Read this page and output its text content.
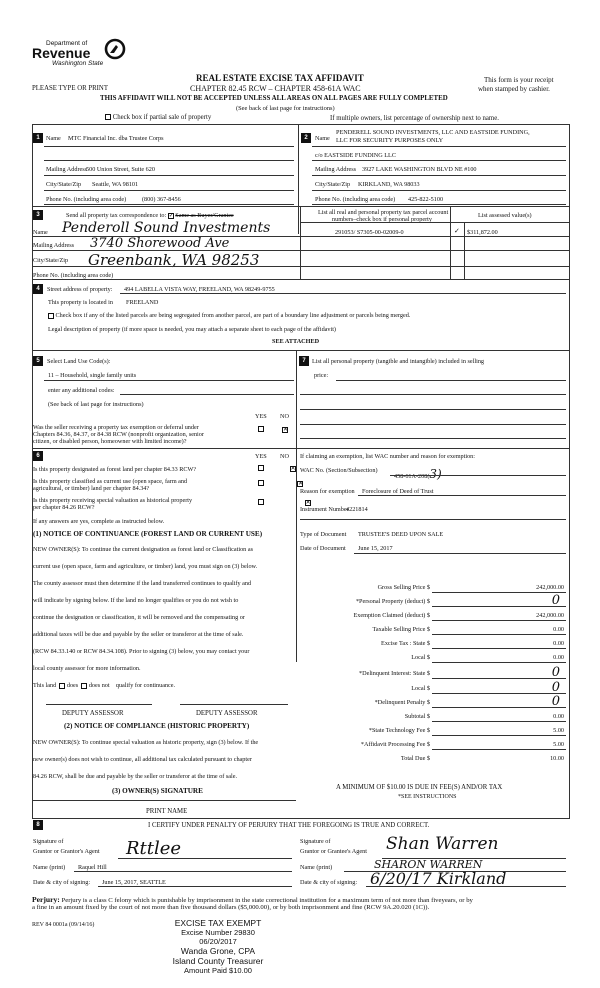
Department of
Revenue
Washington State
PLEASE TYPE OR PRINT
REAL ESTATE EXCISE TAX AFFIDAVIT
CHAPTER 82.45 RCW – CHAPTER 458-61A WAC
This form is your receipt
when stamped by cashier.
THIS AFFIDAVIT WILL NOT BE ACCEPTED UNLESS ALL AREAS ON ALL PAGES ARE FULLY COMPLETED
(See back of last page for instructions)
Check box if partial sale of property	If multiple owners, list percentage of ownership next to name.
1	Name MTC Financial Inc. dba Trustee Corps
Mailing Address
500 Union Street, Suite 620
City/State/Zip Seattle, WA 98101
Phone No. (including area code)	(800) 367-8456
2	Name
PENDERELL SOUND INVESTMENTS, LLC AND EASTSIDE FUNDING,
LLC FOR SECURITY PURPOSES ONLY
c/o EASTSIDE FUNDING LLC
Mailing Address 3927 LAKE WASHINGTON BLVD NE #100
City/State/Zip KIRKLAND, WA 98033
Phone No. (including area code) 425-822-5100
3	Send all property tax correspondence to: ✓ Same as Buyer/Grantee
Name Penderoll Sound Investments
Mailing Address 3740 Shorewood Ave
City/State/Zip Greenbank, WA 98253
Phone No. (including area code)
List all real and personal property tax parcel account
numbers–check box if personal property
List assessed value(s)
291053/ S7305-00-02009-0	✓ $311,872.00
4	Street address of property: 494 LABELLA VISTA WAY, FREELAND, WA 98249-9755
This property is located in FREELAND
Check box if any of the listed parcels are being segregated from another parcel, are part of a boundary line adjustment or parcels being merged.
Legal description of property (if more space is needed, you may attach a separate sheet to each page of the affidavit)
SEE ATTACHED
5	Select Land Use Code(s):
11 – Household, single family units
enter any additional codes:
(See back of last page for instructions)
YES NO
Was the seller receiving a property tax exemption or deferral under
Chapters 84.36, 84.37, or 84.38 RCW (nonprofit organization, senior
citizen, or disabled person, homeowner with limited income)?
✕
6	YES NO
Is this property designated as forest land per chapter 84.33 RCW?	✕
Is this property classified as current use (open space, farm and
agricultural, or timber) land per chapter 84.34?
✕
Is this property receiving special valuation as historical property
per chapter 84.26 RCW?
✕
If any answers are yes, complete as instructed below.
(1) NOTICE OF CONTINUANCE (FOREST LAND OR CURRENT USE)
NEW OWNER(S): To continue the current designation as forest land or Classification as
current use (open space, farm and agriculture, or timber) land, you must sign on (3) below.
The county assessor must then determine if the land transferred continues to qualify and
will indicate by signing below. If the land no longer qualifies or you do not wish to
continue the designation or classification, it will be removed and the compensating or
additional taxes will be due and payable by the seller or transferor at the time of sale.
(RCW 84.33.140 or RCW 84.34.108). Prior to signing (3) below, you may contact your
local county assessor for more information.
This land does does not qualify for continuance.
DEPUTY ASSESSOR	DEPUTY ASSESSOR
(2) NOTICE OF COMPLIANCE (HISTORIC PROPERTY)
NEW OWNER(S): To continue special valuation as historic property, sign (3) below. If the
new owner(s) does not wish to continue, all additional tax calculated pursuant to chapter
84.26 RCW, shall be due and payable by the seller or transferor at the time of sale.
(3) OWNER(S) SIGNATURE
PRINT NAME
7	List all personal property (tangible and intangible) included in selling
price:
If claiming an exemption, list WAC number and reason for exemption:
WAC No. (Section/Subsection)
458-61A-208(3)
Reason for exemption Foreclosure of Deed of Trust
Instrument Number
4221814
Type of Document TRUSTEE'S DEED UPON SALE
Date of Document June 15, 2017
Gross Selling Price $	242,000.00
*Personal Property (deduct) $	0
Exemption Claimed (deduct) $	242,000.00
Taxable Selling Price $	0.00
Excise Tax : State $	0.00
Local $	0.00
*Delinquent Interest: State $	0
Local $	0
*Delinquent Penalty $	0
Subtotal $	0.00
*State Technology Fee $	5.00
*Affidavit Processing Fee $	5.00
Total Due $	10.00
A MINIMUM OF $10.00 IS DUE IN FEE(S) AND/OR TAX
*SEE INSTRUCTIONS
8	I CERTIFY UNDER PENALTY OF PERJURY THAT THE FOREGOING IS TRUE AND CORRECT.
Signature of
Grantor or Grantor's Agent Rttlee
Name (print) Raquel Hill
Date & city of signing: June 15, 2017, SEATTLE
Signature of
Grantor or Grantee's Agent Shan Warren
Name (print)	SHARON WARREN
Date & city of signing: 6/20/17 Kirkland
Perjury: Perjury is a class C felony which is punishable by imprisonment in the state correctional institution for a maximum term of not more than fiveyears, or by
a fine in an amount fixed by the court of not more than five thousand dollars ($5,000.00), or by both imprisonment and fine (RCW 9A.20.020 (1C)).
REV 84 0001a (09/14/16)	EXCISE TAX EXEMPT
Excise Number 29830
06/20/2017
Wanda Grone, CPA
Island County Treasurer
Amount Paid $10.00
